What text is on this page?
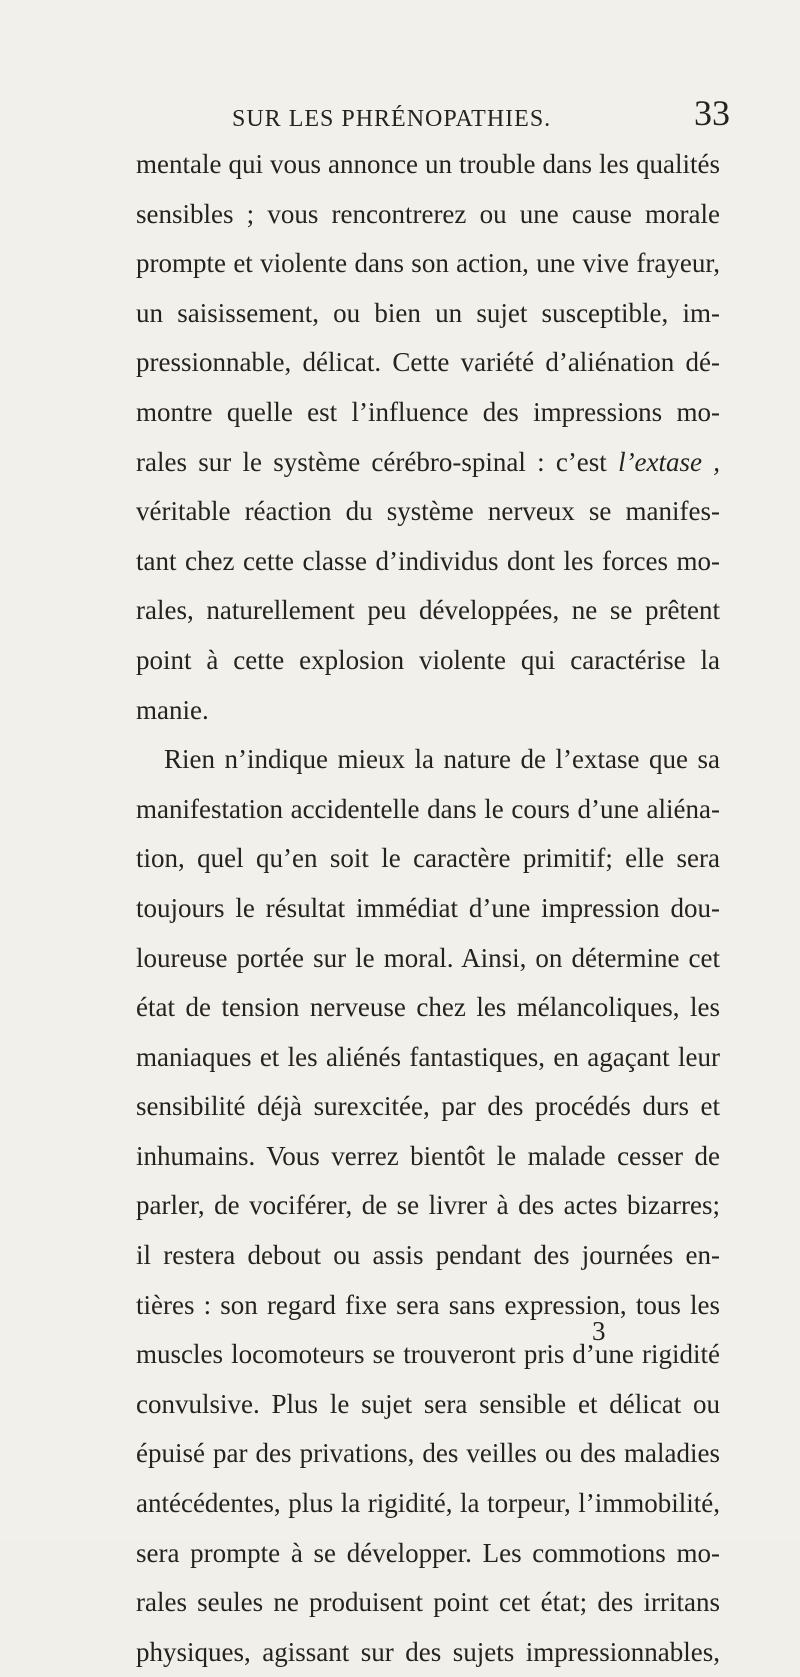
SUR LES PHRÉNOPATHIES.	33
mentale qui vous annonce un trouble dans les qualités
sensibles ; vous rencontrerez ou une cause morale
prompte et violente dans son action, une vive frayeur,
un saisissement, ou bien un sujet susceptible, im-
pressionnable, délicat. Cette variété d’aliénation dé-
montre quelle est l’influence des impressions mo-
rales sur le système cérébro-spinal : c’est l’extase ,
véritable réaction du système nerveux se manifes-
tant chez cette classe d’individus dont les forces mo-
rales, naturellement peu développées, ne se prêtent
point à cette explosion violente qui caractérise la
manie.
Rien n’indique mieux la nature de l’extase que sa
manifestation accidentelle dans le cours d’une aliéna-
tion, quel qu’en soit le caractère primitif; elle sera
toujours le résultat immédiat d’une impression dou-
loureuse portée sur le moral. Ainsi, on détermine cet
état de tension nerveuse chez les mélancoliques, les
maniaques et les aliénés fantastiques, en agaçant leur
sensibilité déjà surexcitée, par des procédés durs et
inhumains. Vous verrez bientôt le malade cesser de
parler, de vociférer, de se livrer à des actes bizarres;
il restera debout ou assis pendant des journées en-
tières : son regard fixe sera sans expression, tous les
muscles locomoteurs se trouveront pris d’une rigidité
convulsive. Plus le sujet sera sensible et délicat ou
épuisé par des privations, des veilles ou des maladies
antécédentes, plus la rigidité, la torpeur, l’immobilité,
sera prompte à se développer. Les commotions mo-
rales seules ne produisent point cet état; des irritans
physiques, agissant sur des sujets impressionnables,
3
